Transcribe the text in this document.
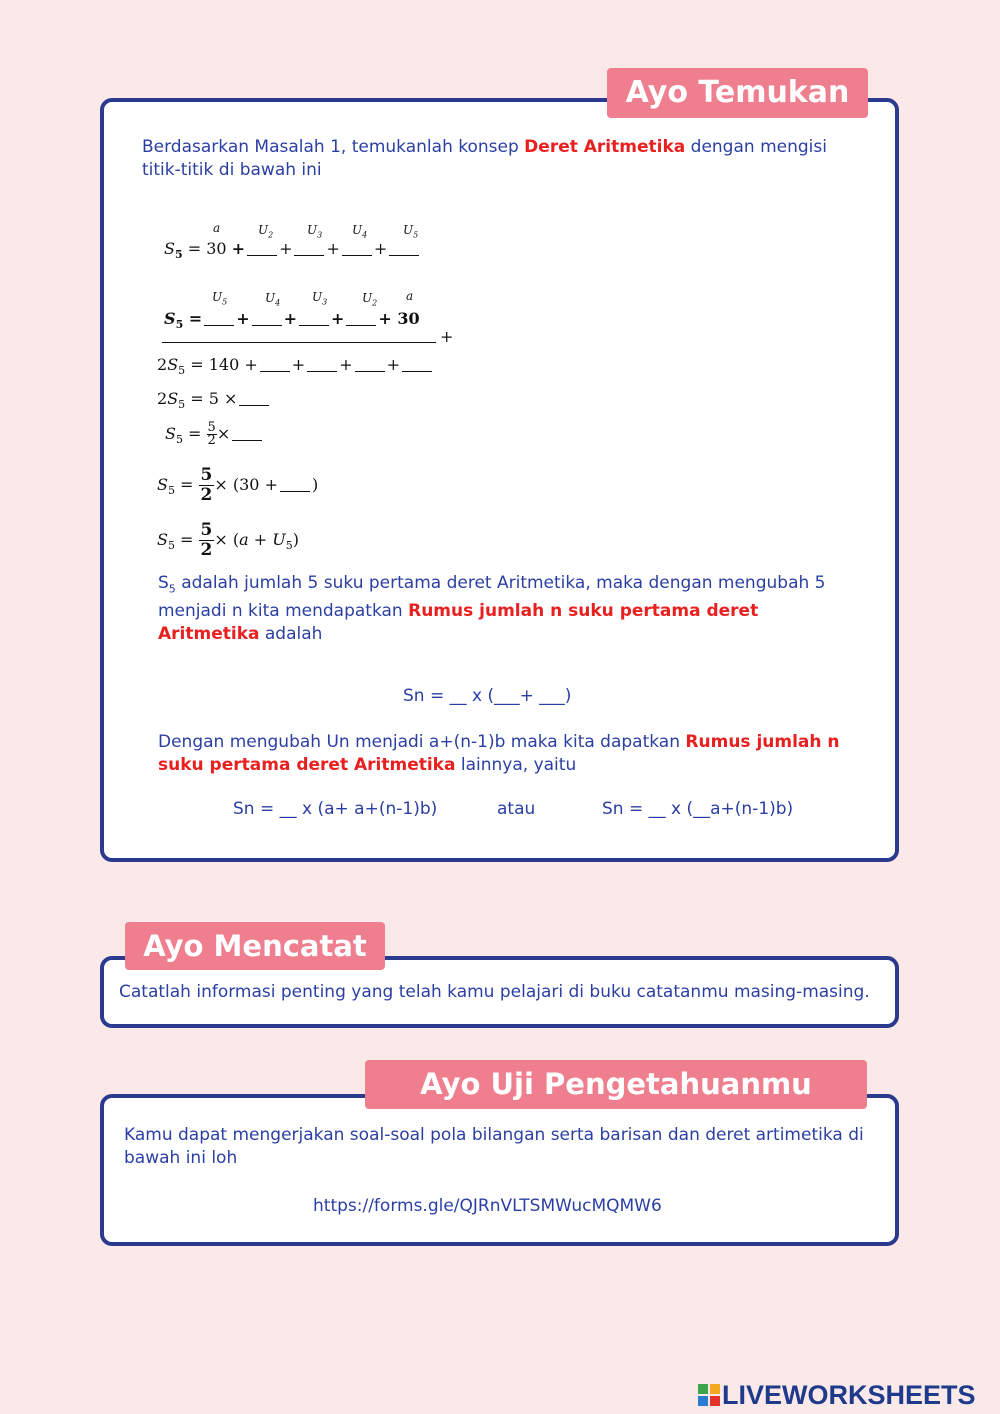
Ayo Temukan
Berdasarkan Masalah 1, temukanlah konsep Deret Aritmetika dengan mengisi titik-titik di bawah ini
a	$U_2$	$U_3$ $U_4$	$U_5$
$S_5 = 30$ + + + +
$U_5$	$U_4$	$U_3$	$U_2$ a
$S_5$ = + + + + 30
+
$2S_5 = 140$ + + + +
$2S_5 = 5$ ×
$S_5 = \frac{5}{2}$ ×
$S_5 = \frac{5}{2} \times (30$ + )
$S_5 = \frac{5}{2} \times (a + U_5)$
$S_5$ adalah jumlah 5 suku pertama deret Aritmetika, maka dengan mengubah 5 menjadi n kita mendapatkan Rumus jumlah n suku pertama deret Aritmetika adalah
Sn = __ x (___+ ___)
Dengan mengubah Un menjadi a+(n-1)b maka kita dapatkan Rumus jumlah n suku pertama deret Aritmetika lainnya, yaitu
Sn = __ x (a+ a+(n-1)b)	atau	Sn = __ x (__a+(n-1)b)
Ayo Mencatat
Catatlah informasi penting yang telah kamu pelajari di buku catatanmu masing-masing.
Ayo Uji Pengetahuanmu
Kamu dapat mengerjakan soal-soal pola bilangan serta barisan dan deret artimetika di bawah ini loh
https://forms.gle/QJRnVLTSMWucMQMW6
LIVEWORKSHEETS
